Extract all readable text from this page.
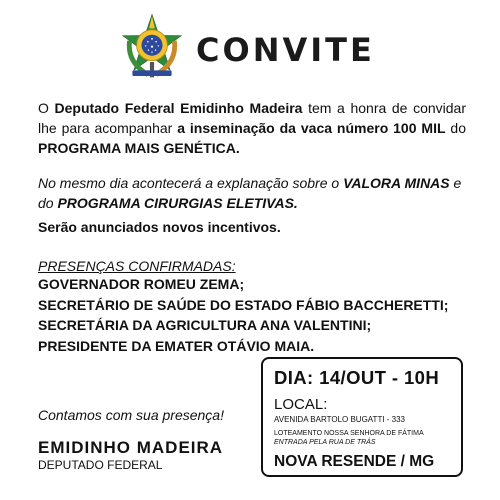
CONVITE

O Deputado Federal Emidinho Madeira tem a honra de convidar lhe para acompanhar a inseminação da vaca número 100 MIL do PROGRAMA MAIS GENÉTICA.

No mesmo dia acontecerá a explanação sobre o VALORA MINAS e do PROGRAMA CIRURGIAS ELETIVAS.

Serão anunciados novos incentivos.

PRESENÇAS CONFIRMADAS:

GOVERNADOR ROMEU ZEMA;
SECRETÁRIO DE SAÚDE DO ESTADO FÁBIO BACCHERETTI;
SECRETÁRIA DA AGRICULTURA ANA VALENTINI;
PRESIDENTE DA EMATER OTÁVIO MAIA.

Contamos com sua presença!

EMIDINHO MADEIRA

DEPUTADO FEDERAL

DIA: 14/OUT - 10H

LOCAL:

AVENIDA BARTOLO BUGATTI - 333

LOTEAMENTO NOSSA SENHORA DE FÁTIMA

ENTRADA PELA RUA DE TRÁS

NOVA RESENDE / MG
